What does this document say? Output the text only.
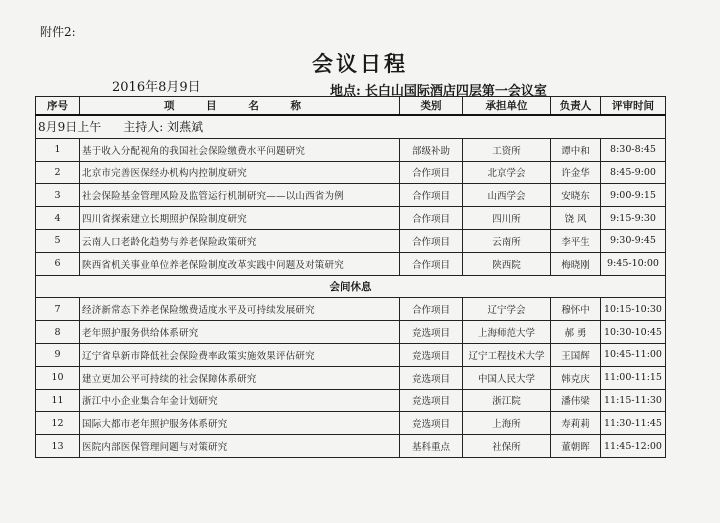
附件2:
会议日程
2016年8月9日	地点: 长白山国际酒店四层第一会议室
序号	项 目 名 称	类别	承担单位	负责人	评审时间
8月9日上午 主持人: 刘燕斌					
1	基于收入分配视角的我国社会保险缴费水平问题研究	部级补助	工资所	谭中和	8:30-8:45
2	北京市完善医保经办机构内控制度研究	合作项目	北京学会	许金华	8:45-9:00
3	社会保险基金管理风险及监管运行机制研究——以山西省为例	合作项目	山西学会	安晓东	9:00-9:15
4	四川省探索建立长期照护保险制度研究	合作项目	四川所	饶 风	9:15-9:30
5	云南人口老龄化趋势与养老保险政策研究	合作项目	云南所	李平生	9:30-9:45
6	陕西省机关事业单位养老保险制度改革实践中问题及对策研究	合作项目	陕西院	梅晓刚	9:45-10:00
会间休息					
7	经济新常态下养老保险缴费适度水平及可持续发展研究	合作项目	辽宁学会	穆怀中	10:15-10:30
8	老年照护服务供给体系研究	竞选项目	上海师范大学	郝 勇	10:30-10:45
9	辽宁省阜新市降低社会保险费率政策实施效果评估研究	竞选项目	辽宁工程技术大学	王国辉	10:45-11:00
10	建立更加公平可持续的社会保障体系研究	竞选项目	中国人民大学	韩克庆	11:00-11:15
11	浙江中小企业集合年金计划研究	竞选项目	浙江院	潘伟梁	11:15-11:30
12	国际大都市老年照护服务体系研究	竞选项目	上海所	寿莉莉	11:30-11:45
13	医院内部医保管理问题与对策研究	基科重点	社保所	董朝晖	11:45-12:00
